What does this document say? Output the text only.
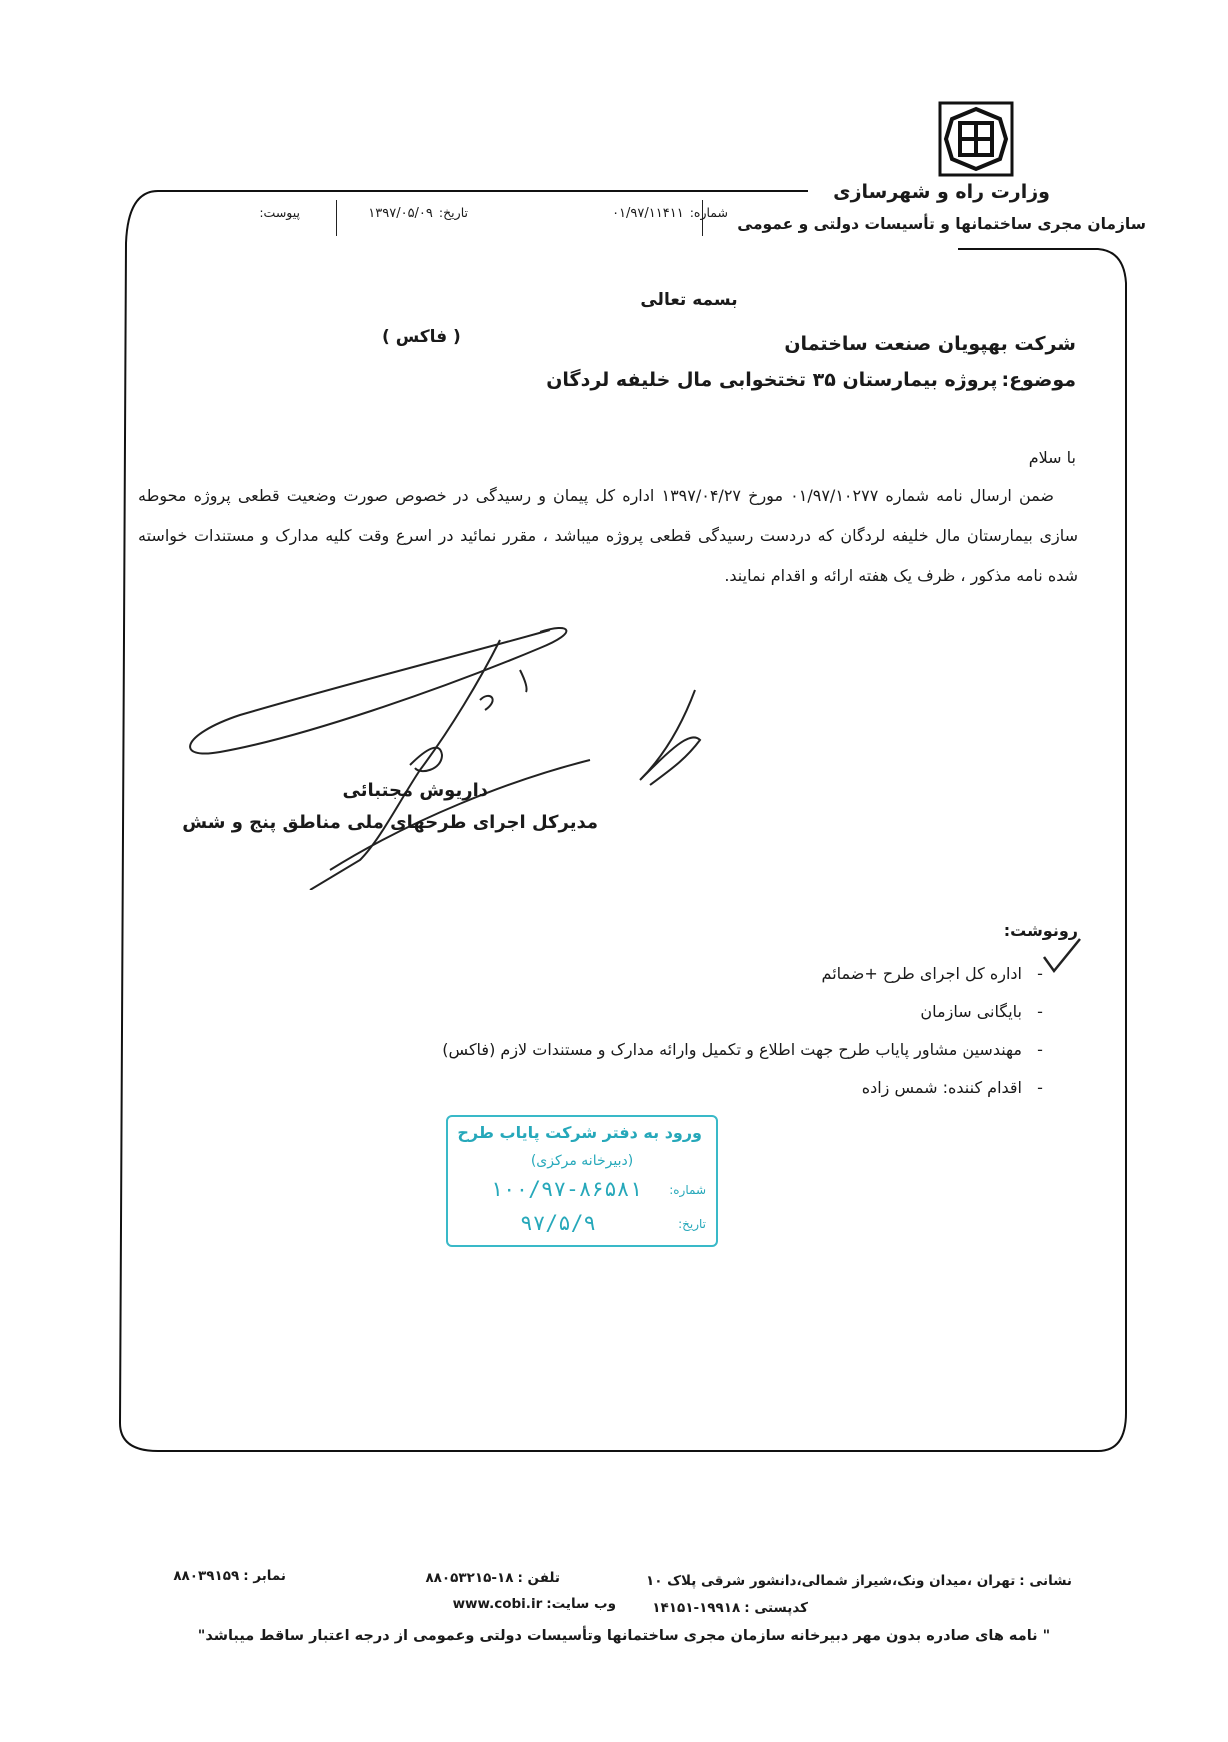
وزارت راه و شهرسازی
سازمان مجری ساختمانها و تأسیسات دولتی و عمومی
شماره:۰۱/۹۷/۱۱۴۱۱
تاریخ:۱۳۹۷/۰۵/۰۹
پیوست:
بسمه تعالی
شرکت بهپویان صنعت ساختمان
( فاکس )
موضوع:پروژه بیمارستان ۳۵ تختخوابی مال خلیفه لردگان
با سلام
ضمن ارسال نامه شماره ۰۱/۹۷/۱۰۲۷۷ مورخ ۱۳۹۷/۰۴/۲۷ اداره کل پیمان و رسیدگی در خصوص صورت وضعیت قطعی پروژه محوطه سازی بیمارستان مال خلیفه لردگان که دردست رسیدگی قطعی پروژه میباشد ، مقرر نمائید در اسرع وقت کلیه مدارک و مستندات خواسته شده نامه مذکور ، ظرف یک هفته ارائه و اقدام نمایند.
داریوش مجتبائی
مدیرکل اجرای طرحهای ملی مناطق پنج و شش
رونوشت:
-اداره کل اجرای طرح +ضمائم
-بایگانی سازمان
-مهندسین مشاور پایاب طرح جهت اطلاع و تکمیل وارائه مدارک و مستندات لازم (فاکس)
-اقدام کننده: شمس زاده
ورود به دفتر شرکت پایاب طرح
(دبیرخانه مرکزی)
شماره:
۱۰۰/۹۷-۸۶۵۸۱
تاریخ:
۹۷/۵/۹
نشانی :تهران ،میدان ونک،شیراز شمالی،دانشور شرقی پلاک ۱۰
تلفن :۱۸-۸۸۰۵۳۲۱۵
نمابر :۸۸۰۳۹۱۵۹
کدپستی :۱۹۹۱۸-۱۴۱۵۱
وب سایت:www.cobi.ir
" نامه های صادره بدون مهر دبیرخانه سازمان مجری ساختمانها وتأسیسات دولتی وعمومی از درجه اعتبار ساقط میباشد"
